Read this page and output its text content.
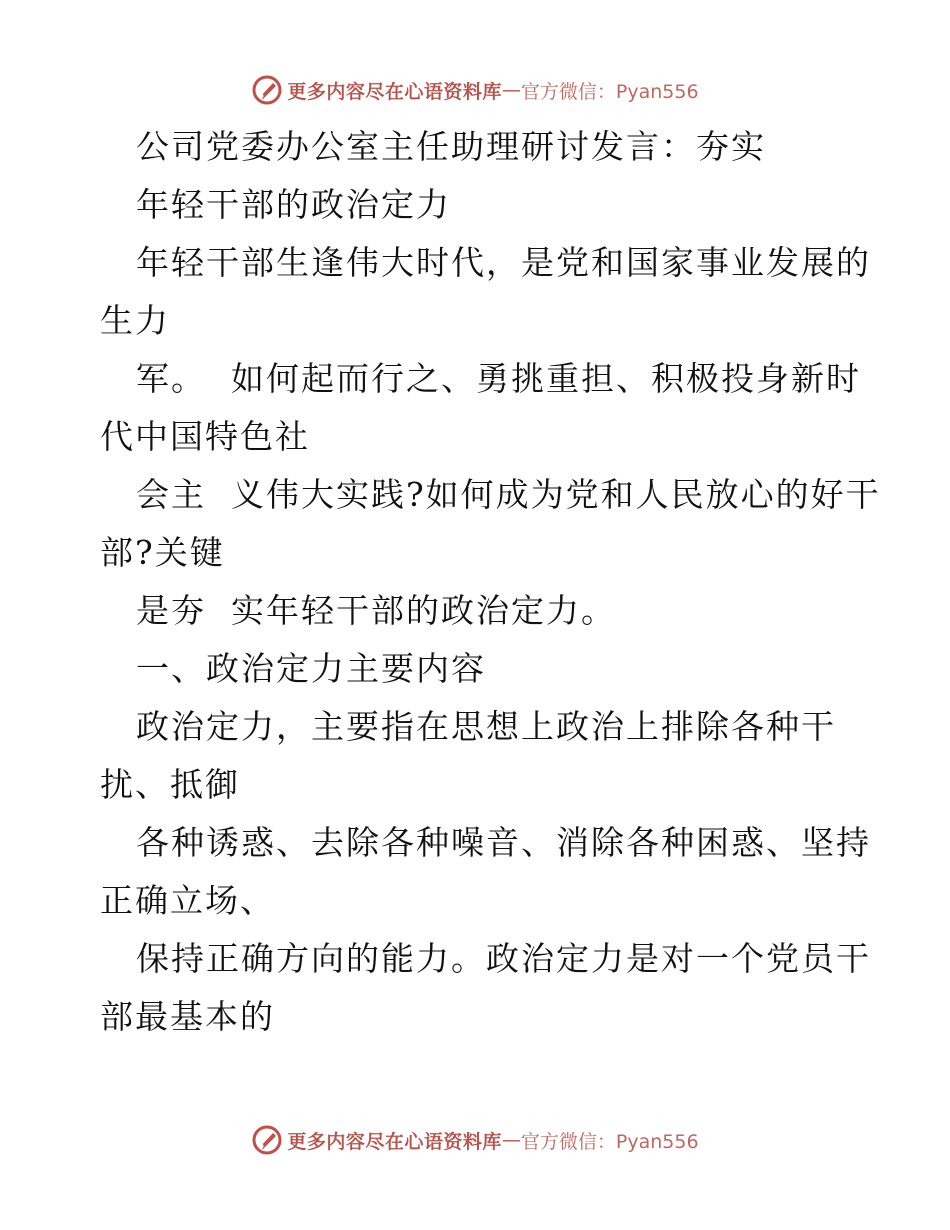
更多内容尽在心语资料库 — 官方微信：Pyan556
公司党委办公室主任助理研讨发言：夯实
年轻干部的政治定力
年轻干部生逢伟大时代，是党和国家事业发展的
生力
军。  如何起而行之、勇挑重担、积极投身新时
代中国特色社
会主  义伟大实践?如何成为党和人民放心的好干
部?关键
是夯  实年轻干部的政治定力。
一、政治定力主要内容
政治定力，主要指在思想上政治上排除各种干
扰、抵御
各种诱惑、去除各种噪音、消除各种困惑、坚持
正确立场、
保持正确方向的能力。政治定力是对一个党员干
部最基本的
更多内容尽在心语资料库 — 官方微信：Pyan556
